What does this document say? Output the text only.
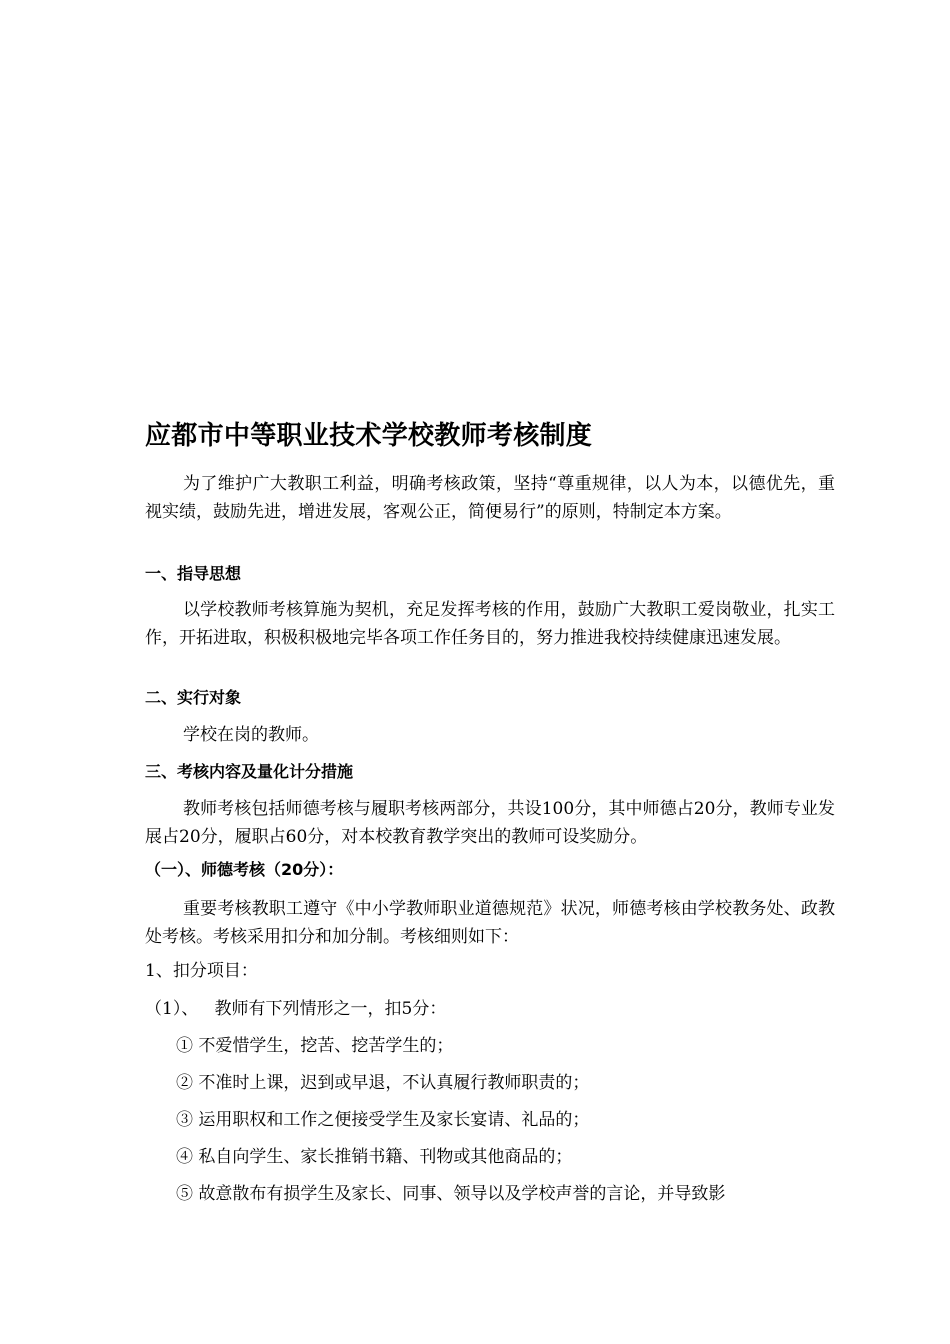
应都市中等职业技术学校教师考核制度
为了维护广大教职工利益，明确考核政策，坚持“尊重规律，以人为本，以德优先，重视实绩，鼓励先进，增进发展，客观公正，简便易行”的原则，特制定本方案。
一、指导思想
以学校教师考核算施为契机，充足发挥考核的作用，鼓励广大教职工爱岗敬业，扎实工作，开拓进取，积极积极地完毕各项工作任务目的，努力推进我校持续健康迅速发展。
二、实行对象
学校在岗的教师。
三、考核内容及量化计分措施
教师考核包括师德考核与履职考核两部分，共设100分，其中师德占20分，教师专业发展占20分，履职占60分，对本校教育教学突出的教师可设奖励分。
（一）、师德考核（20分）：
重要考核教职工遵守《中小学教师职业道德规范》状况，师德考核由学校教务处、政教处考核。考核采用扣分和加分制。考核细则如下：
1、扣分项目：
（1）、   教师有下列情形之一，扣5分：
① 不爱惜学生，挖苦、挖苦学生的；
② 不准时上课，迟到或早退，不认真履行教师职责的；
③ 运用职权和工作之便接受学生及家长宴请、礼品的；
④ 私自向学生、家长推销书籍、刊物或其他商品的；
⑤ 故意散布有损学生及家长、同事、领导以及学校声誉的言论，并导致影
